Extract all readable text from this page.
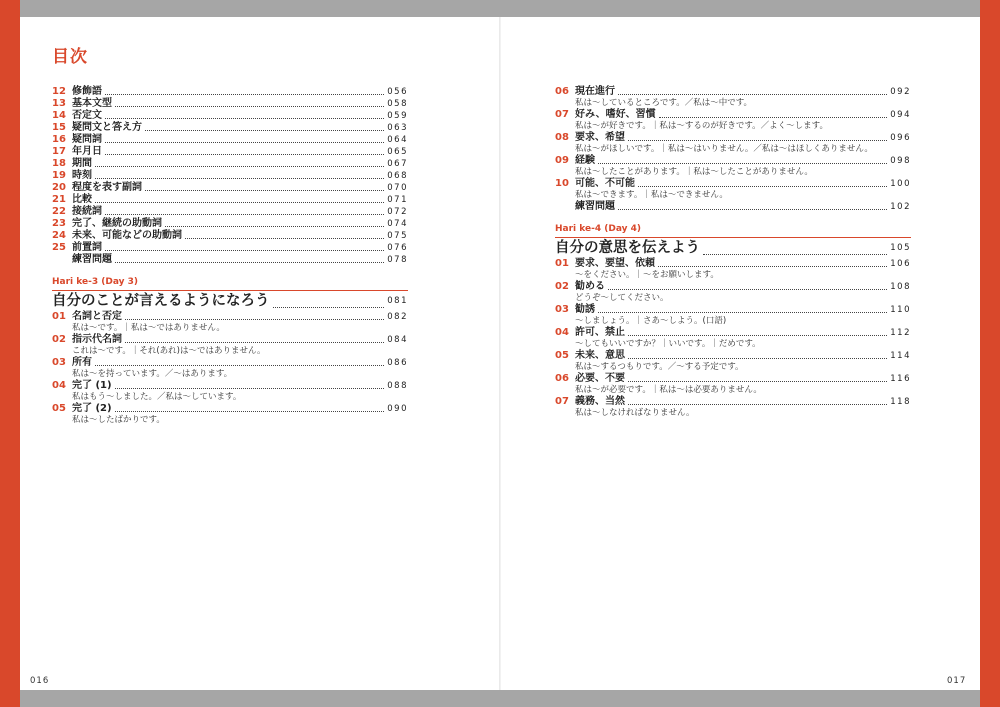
目次
12 修飾語	056
13 基本文型	058
14 否定文	059
15 疑問文と答え方	063
16 疑問詞	064
17 年月日	065
18 期間	067
19 時刻	068
20 程度を表す副詞	070
21 比較	071
22 接続詞	072
23 完了、継続の助動詞	074
24 未来、可能などの助動詞	075
25 前置詞	076
練習問題	078
Hari ke-3 (Day 3)
自分のことが言えるようになろう	081
01 名詞と否定	082
私は〜です。｜私は〜ではありません。
02 指示代名詞	084
これは〜です。｜それ(あれ)は〜ではありません。
03 所有	086
私は〜を持っています。／〜はあります。
04 完了 (1)	088
私はもう〜しました。／私は〜しています。
05 完了 (2)	090
私は〜したばかりです。
06 現在進行	092
私は〜しているところです。／私は〜中です。
07 好み、嗜好、習慣	094
私は〜が好きです。｜私は〜するのが好きです。／よく〜します。
08 要求、希望	096
私は〜がほしいです。｜私は〜はいりません。／私は〜はほしくありません。
09 経験	098
私は〜したことがあります。｜私は〜したことがありません。
10 可能、不可能	100
私は〜できます。｜私は〜できません。
練習問題	102
Hari ke-4 (Day 4)
自分の意思を伝えよう	105
01 要求、要望、依頼	106
〜をください。｜〜をお願いします。
02 勧める	108
どうぞ〜してください。
03 勧誘	110
〜しましょう。｜さあ〜しよう。(口語)
04 許可、禁止	112
〜してもいいですか？｜いいです。｜だめです。
05 未来、意思	114
私は〜するつもりです。／〜する予定です。
06 必要、不要	116
私は〜が必要です。｜私は〜は必要ありません。
07 義務、当然	118
私は〜しなければなりません。
016	017
